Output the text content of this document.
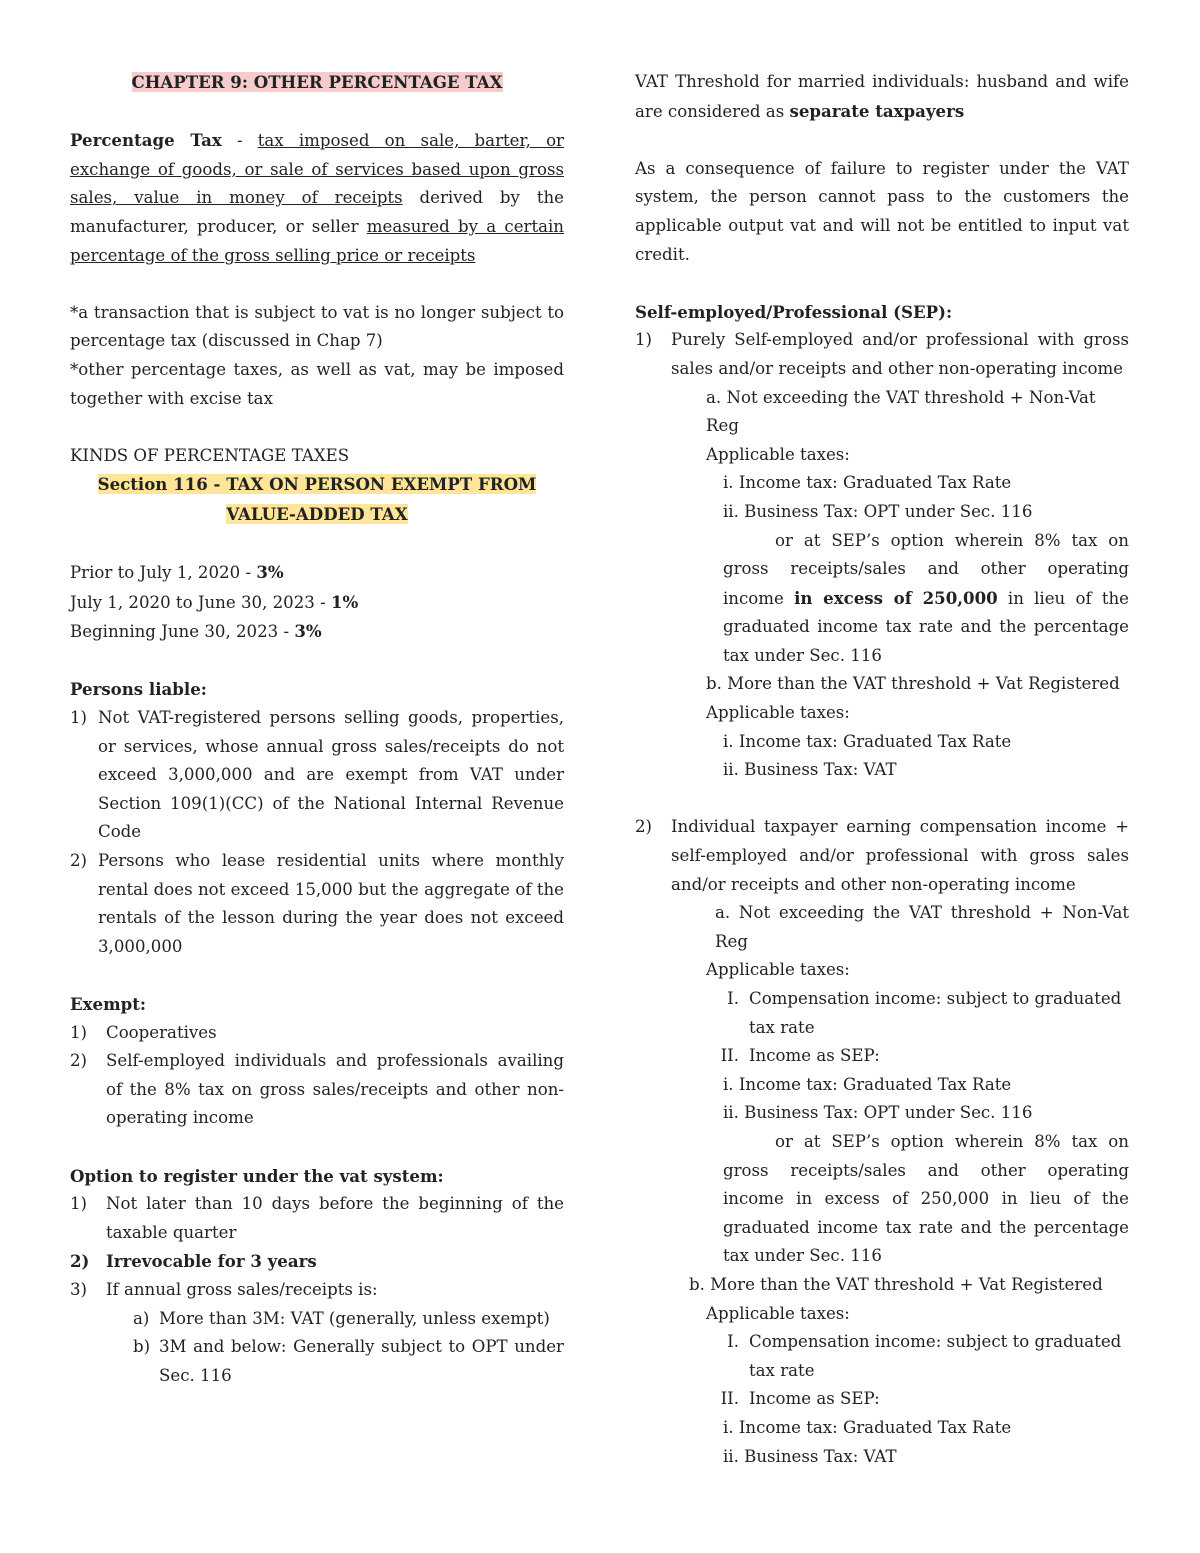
CHAPTER 9: OTHER PERCENTAGE TAX

Percentage Tax - tax imposed on sale, barter, or exchange of goods, or sale of services based upon gross sales, value in money of receipts derived by the manufacturer, producer, or seller measured by a certain percentage of the gross selling price or receipts

*a transaction that is subject to vat is no longer subject to percentage tax (discussed in Chap 7)

*other percentage taxes, as well as vat, may be imposed together with excise tax

KINDS OF PERCENTAGE TAXES

Section 116 - TAX ON PERSON EXEMPT FROM
VALUE-ADDED TAX

Prior to July 1, 2020 - 3%

July 1, 2020 to June 30, 2023 - 1%

Beginning June 30, 2023 - 3%

Persons liable:

1) Not VAT-registered persons selling goods, properties, or services, whose annual gross sales/receipts do not exceed 3,000,000 and are exempt from VAT under Section 109(1)(CC) of the National Internal Revenue Code
2) Persons who lease residential units where monthly rental does not exceed 15,000 but the aggregate of the rentals of the lesson during the year does not exceed 3,000,000

Exempt:

1) Cooperatives
2) Self-employed individuals and professionals availing of the 8% tax on gross sales/receipts and other non-operating income

Option to register under the vat system:

1) Not later than 10 days before the beginning of the taxable quarter
2) Irrevocable for 3 years
3) If annual gross sales/receipts is:
a) More than 3M: VAT (generally, unless exempt)
b) 3M and below: Generally subject to OPT under Sec. 116

VAT Threshold for married individuals: husband and wife are considered as separate taxpayers

As a consequence of failure to register under the VAT system, the person cannot pass to the customers the applicable output vat and will not be entitled to input vat credit.

Self-employed/Professional (SEP):

1) Purely Self-employed and/or professional with gross sales and/or receipts and other non-operating income

a. Not exceeding the VAT threshold + Non-Vat Reg

Applicable taxes:

i. Income tax: Graduated Tax Rate

ii. Business Tax: OPT under Sec. 116

or at SEP’s option wherein 8% tax on gross receipts/sales and other operating income in excess of 250,000 in lieu of the graduated income tax rate and the percentage tax under Sec. 116

b. More than the VAT threshold + Vat Registered

Applicable taxes:

i. Income tax: Graduated Tax Rate

ii. Business Tax: VAT

2) Individual taxpayer earning compensation income + self-employed and/or professional with gross sales and/or receipts and other non-operating income

a. Not exceeding the VAT threshold + Non-Vat Reg

Applicable taxes:

I. Compensation income: subject to graduated tax rate
II. Income as SEP:

i. Income tax: Graduated Tax Rate

ii. Business Tax: OPT under Sec. 116

or at SEP’s option wherein 8% tax on gross receipts/sales and other operating income in excess of 250,000 in lieu of the graduated income tax rate and the percentage tax under Sec. 116

b. More than the VAT threshold + Vat Registered

Applicable taxes:

I. Compensation income: subject to graduated tax rate
II. Income as SEP:

i. Income tax: Graduated Tax Rate

ii. Business Tax: VAT
